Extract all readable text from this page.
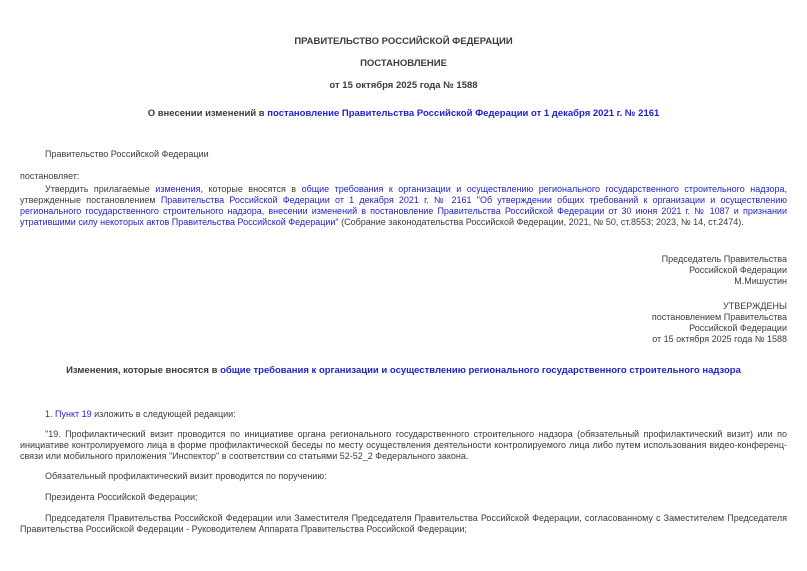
ПРАВИТЕЛЬСТВО РОССИЙСКОЙ ФЕДЕРАЦИИ
ПОСТАНОВЛЕНИЕ
от 15 октября 2025 года № 1588
О внесении изменений в постановление Правительства Российской Федерации от 1 декабря 2021 г. № 2161
Правительство Российской Федерации
постановляет:
Утвердить прилагаемые изменения, которые вносятся в общие требования к организации и осуществлению регионального государственного строительного надзора, утвержденные постановлением Правительства Российской Федерации от 1 декабря 2021 г. № 2161 "Об утверждении общих требований к организации и осуществлению регионального государственного строительного надзора, внесении изменений в постановление Правительства Российской Федерации от 30 июня 2021 г. № 1087 и признании утратившими силу некоторых актов Правительства Российской Федерации" (Собрание законодательства Российской Федерации, 2021, № 50, ст.8553; 2023, № 14, ст.2474).
Председатель Правительства
Российской Федерации
М.Мишустин
УТВЕРЖДЕНЫ
постановлением Правительства
Российской Федерации
от 15 октября 2025 года № 1588
Изменения, которые вносятся в общие требования к организации и осуществлению регионального государственного строительного надзора
1. Пункт 19 изложить в следующей редакции:
"19. Профилактический визит проводится по инициативе органа регионального государственного строительного надзора (обязательный профилактический визит) или по инициативе контролируемого лица в форме профилактической беседы по месту осуществления деятельности контролируемого лица либо путем использования видео-конференц-связи или мобильного приложения "Инспектор" в соответствии со статьями 52-52_2 Федерального закона.
Обязательный профилактический визит проводится по поручению:
Президента Российской Федерации;
Председателя Правительства Российской Федерации или Заместителя Председателя Правительства Российской Федерации, согласованному с Заместителем Председателя Правительства Российской Федерации - Руководителем Аппарата Правительства Российской Федерации;
